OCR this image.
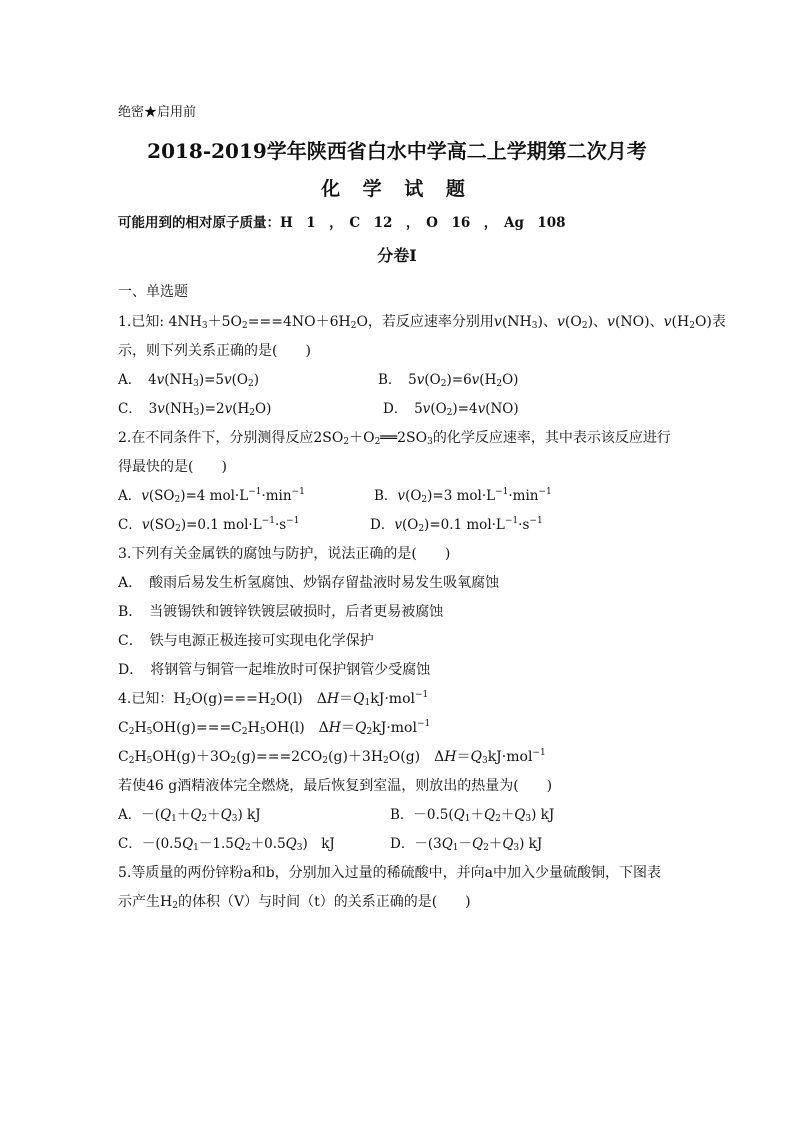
绝密★启用前
2018-2019学年陕西省白水中学高二上学期第二次月考
化 学 试 题
可能用到的相对原子质量：H　1　，　C　12　，　O　16　，　Ag　108
分卷I
一、单选题
1.已知: $4NH_3+5O_2===4NO+6H_2O$，若反应速率分别用$v(NH_3)$、$v(O_2)$、v(NO)、$v(H_2O)$表
示，则下列关系正确的是(　　)
A．　$4v(NH_3)=5v(O_2)$	B．　$5v(O_2)=6v(H_2O)$
C．　$3v(NH_3)=2v(H_2O)$	D．　$5v(O_2)=4v(NO)$
2.在不同条件下，分别测得反应$2SO_2+O_2══2SO_3$的化学反应速率，其中表示该反应进行
得最快的是(　　)
A．$v(SO_2)=4$ $mol\cdot L^{-1}\cdot\min^{-1}$	B．$v(O_2)=3$ $mol\cdot L^{-1}\cdot\min^{-1}$
C．$v(SO_2)=0.1$ $mol\cdot L^{-1}\cdot s^{-1}$	D．$v(O_2)=0.1$ $mol\cdot L^{-1}\cdot s^{-1}$
3.下列有关金属铁的腐蚀与防护，说法正确的是(　　)
A．　酸雨后易发生析氢腐蚀、炒锅存留盐液时易发生吸氧腐蚀
B．　当镀锡铁和镀锌铁镀层破损时，后者更易被腐蚀
C．　铁与电源正极连接可实现电化学保护
D．　将钢管与铜管一起堆放时可保护钢管少受腐蚀
4.已知：$H_2O(g)===H_2O(l)$　$\Delta H=Q_1kJ\cdot mol^{-1}$
$C_2H_5OH(g)===C_2H_5OH(l)$　$\Delta H=Q_2kJ\cdot mol^{-1}$
$C_2H_5OH(g)+3O_2(g)===2CO_2(g)+3H_2O(g)$　$\Delta H=Q_3kJ\cdot mol^{-1}$
若使46 g酒精液体完全燃烧，最后恢复到室温，则放出的热量为(　　)
A．$-(Q_1+Q_2+Q_3)$ kJ	B．$-0.5(Q_1+Q_2+Q_3)$ kJ
C．$-(0.5Q_1-1.5Q_2+0.5Q_3)$　kJ	D．$-(3Q_1-Q_2+Q_3)$ kJ
5.等质量的两份锌粉a和b，分别加入过量的稀硫酸中，并向a中加入少量硫酸铜，下图表
示产生$H_2$的体积（V）与时间（t）的关系正确的是(　　)
